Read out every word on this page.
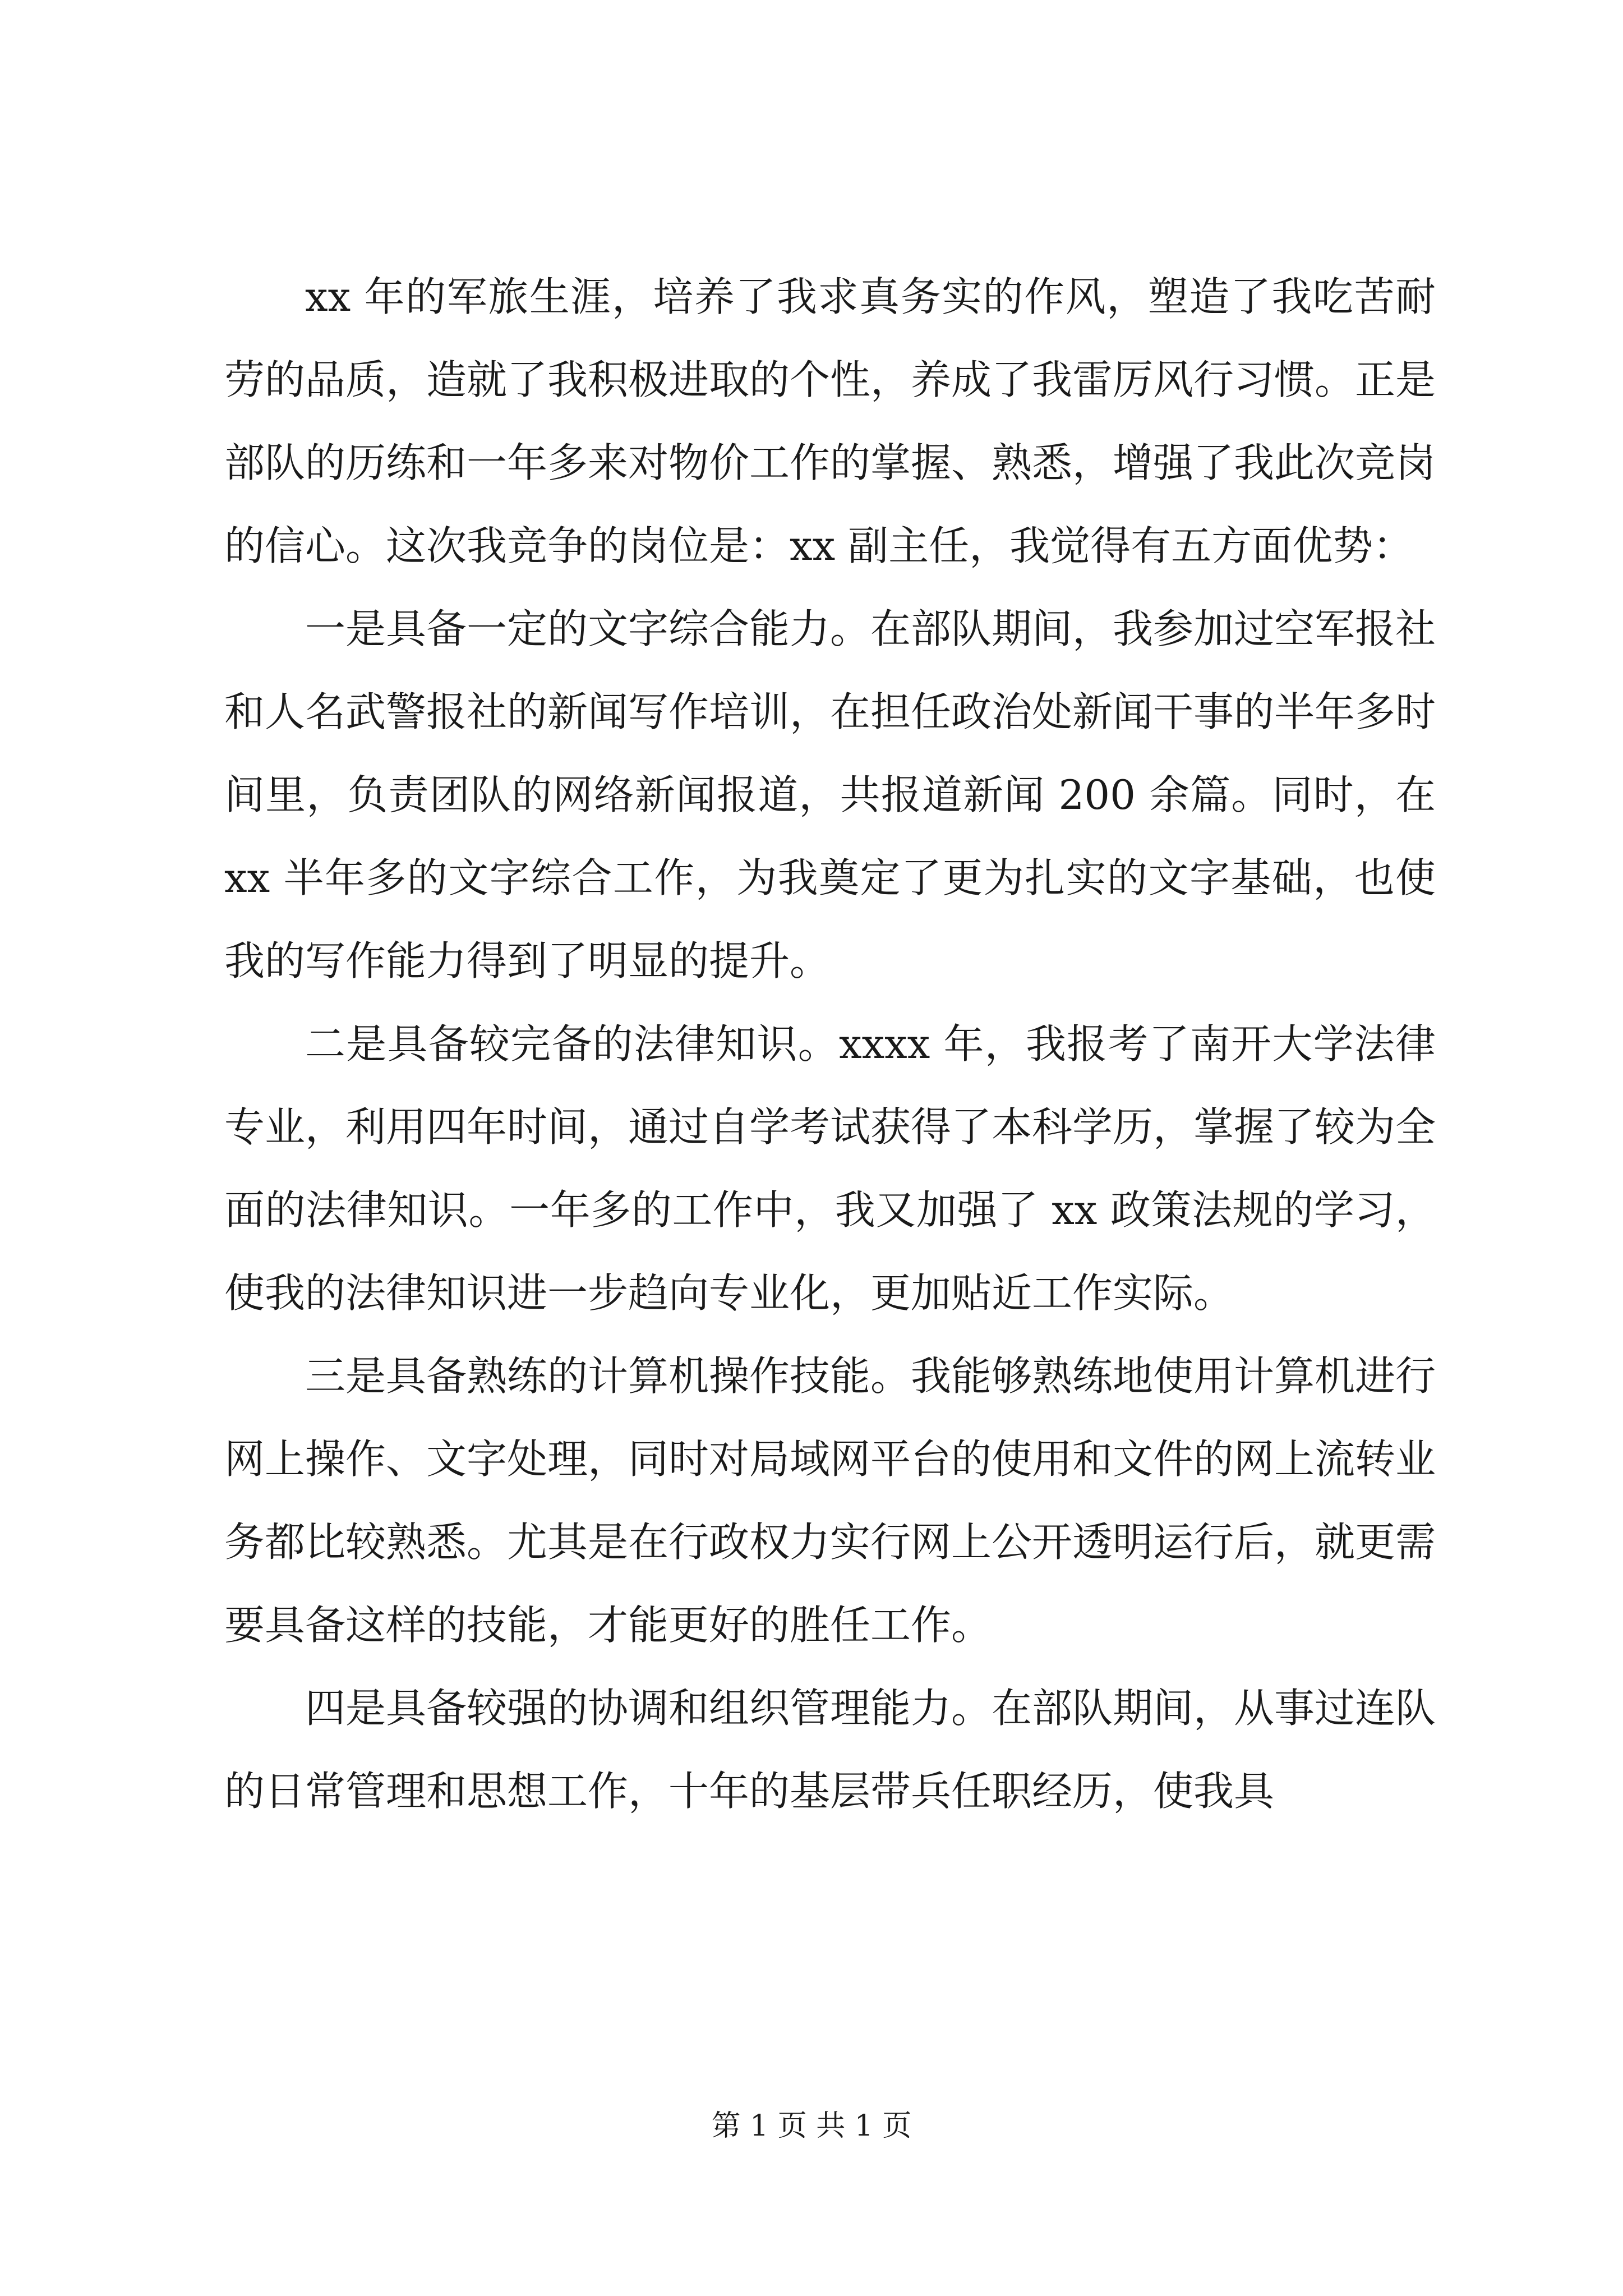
xx 年的军旅生涯，培养了我求真务实的作风，塑造了我吃苦耐劳的品质，造就了我积极进取的个性，养成了我雷厉风行习惯。正是部队的历练和一年多来对物价工作的掌握、熟悉，增强了我此次竞岗的信心。这次我竞争的岗位是：xx 副主任，我觉得有五方面优势：

一是具备一定的文字综合能力。在部队期间，我参加过空军报社和人名武警报社的新闻写作培训，在担任政治处新闻干事的半年多时间里，负责团队的网络新闻报道，共报道新闻 200 余篇。同时，在 xx 半年多的文字综合工作，为我奠定了更为扎实的文字基础，也使我的写作能力得到了明显的提升。

二是具备较完备的法律知识。xxxx 年，我报考了南开大学法律专业，利用四年时间，通过自学考试获得了本科学历，掌握了较为全面的法律知识。一年多的工作中，我又加强了 xx 政策法规的学习，使我的法律知识进一步趋向专业化，更加贴近工作实际。

三是具备熟练的计算机操作技能。我能够熟练地使用计算机进行网上操作、文字处理，同时对局域网平台的使用和文件的网上流转业务都比较熟悉。尤其是在行政权力实行网上公开透明运行后，就更需要具备这样的技能，才能更好的胜任工作。

四是具备较强的协调和组织管理能力。在部队期间，从事过连队的日常管理和思想工作，十年的基层带兵任职经历，使我具

第 1 页 共 1 页
